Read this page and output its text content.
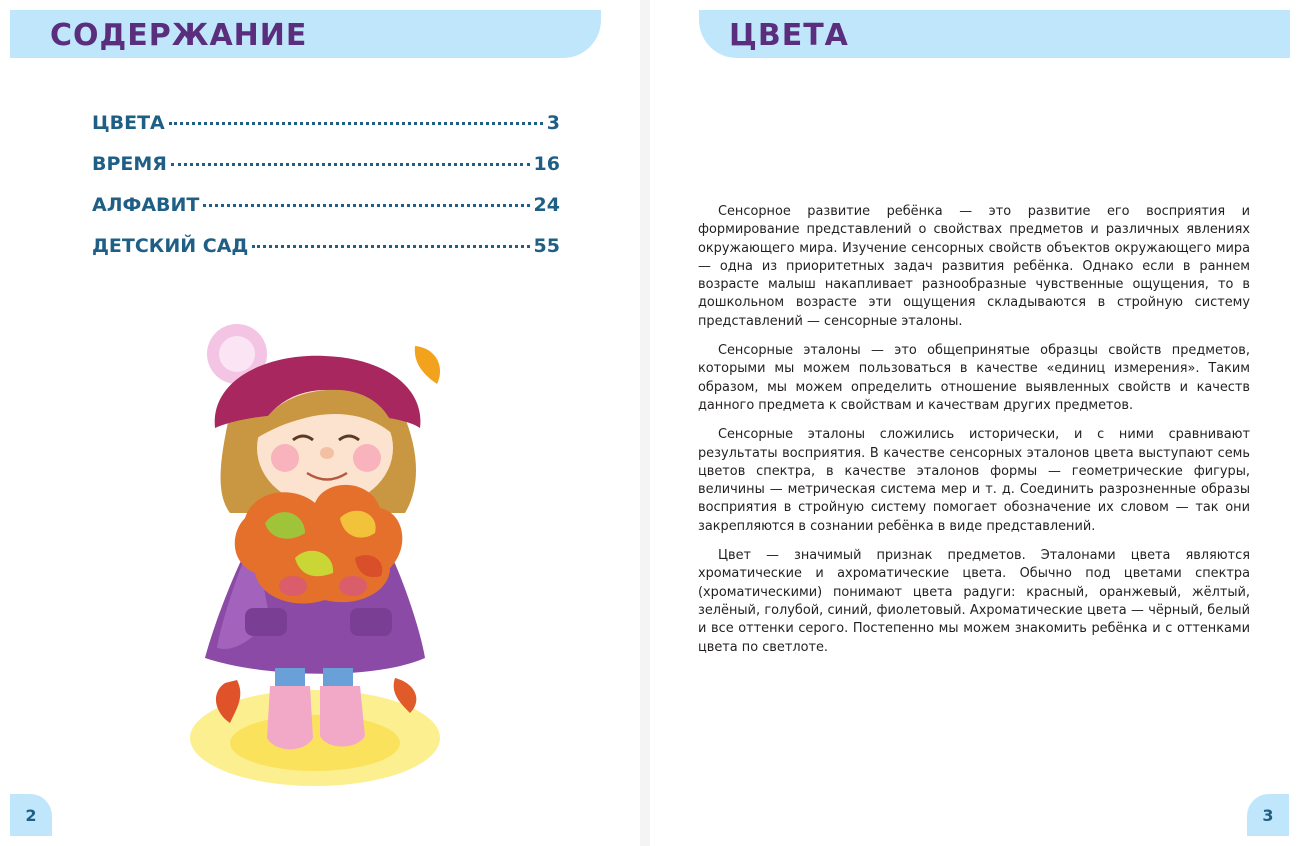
СОДЕРЖАНИЕ
ЦВЕТА	3
ВРЕМЯ	16
АЛФАВИТ	24
ДЕТСКИЙ САД	55
2
ЦВЕТА

Сенсорное развитие ребёнка — это развитие его восприятия и формирование представлений о свойствах предметов и различных явлениях окружающего мира. Изучение сенсорных свойств объектов окружающего мира — одна из приоритетных задач развития ребёнка. Однако если в раннем возрасте малыш накапливает разнообразные чувственные ощущения, то в дошкольном возрасте эти ощущения складываются в стройную систему представлений — сенсорные эталоны.

Сенсорные эталоны — это общепринятые образцы свойств предметов, которыми мы можем пользоваться в качестве «единиц измерения». Таким образом, мы можем определить отношение выявленных свойств и качеств данного предмета к свойствам и качествам других предметов.

Сенсорные эталоны сложились исторически, и с ними сравнивают результаты восприятия. В качестве сенсорных эталонов цвета выступают семь цветов спектра, в качестве эталонов формы — геометрические фигуры, величины — метрическая система мер и т. д. Соединить разрозненные образы восприятия в стройную систему помогает обозначение их словом — так они закрепляются в сознании ребёнка в виде представлений.

Цвет — значимый признак предметов. Эталонами цвета являются хроматические и ахроматические цвета. Обычно под цветами спектра (хроматическими) понимают цвета радуги: красный, оранжевый, жёлтый, зелёный, голубой, синий, фиолетовый. Ахроматические цвета — чёрный, белый и все оттенки серого. Постепенно мы можем знакомить ребёнка и с оттенками цвета по светлоте.

3
